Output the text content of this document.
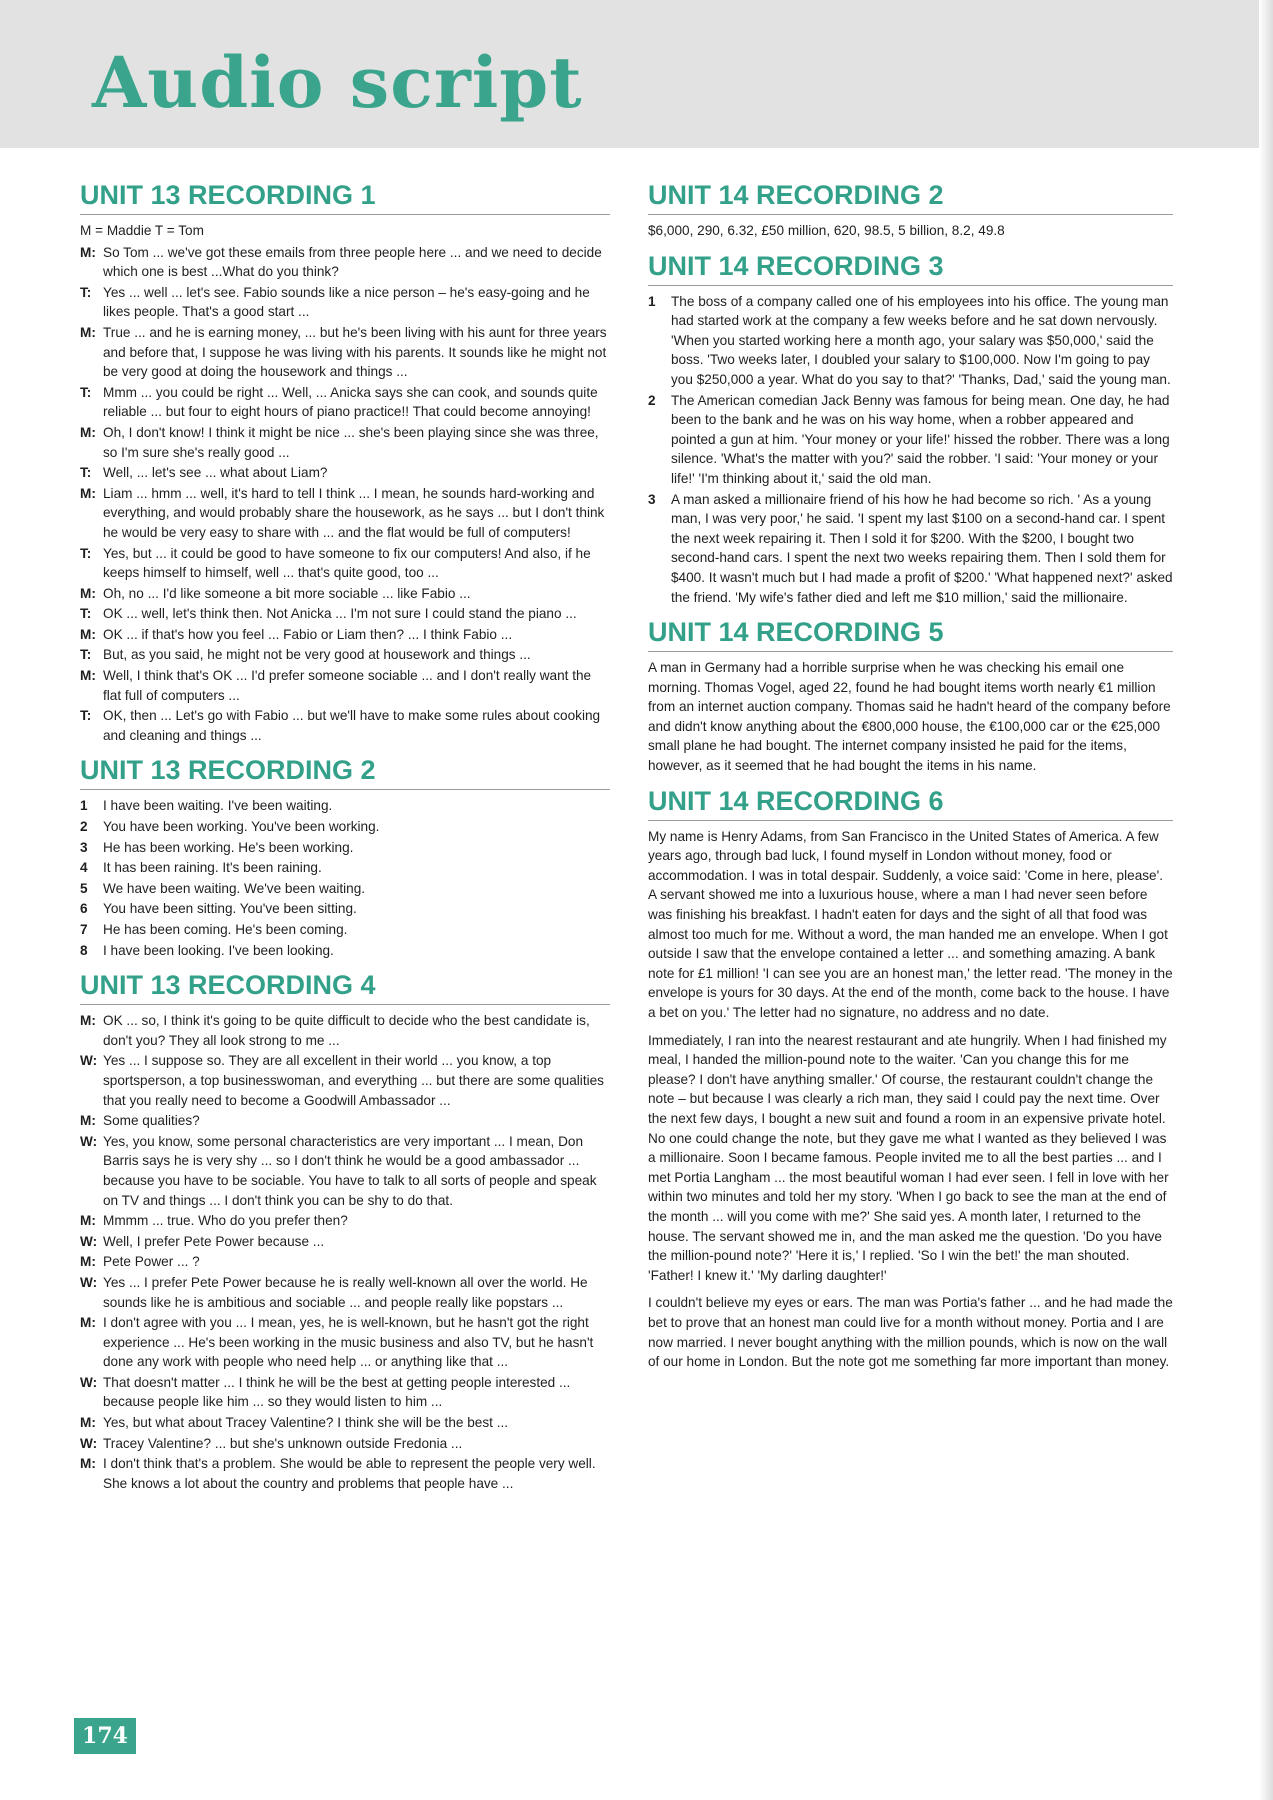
Audio script
UNIT 13 RECORDING 1
M = Maddie T = Tom
M: So Tom ... we've got these emails from three people here ... and we need to decide which one is best ...What do you think?
T: Yes ... well ... let's see. Fabio sounds like a nice person – he's easy-going and he likes people. That's a good start ...
M: True ... and he is earning money, ... but he's been living with his aunt for three years and before that, I suppose he was living with his parents. It sounds like he might not be very good at doing the housework and things ...
T: Mmm ... you could be right ... Well, ... Anicka says she can cook, and sounds quite reliable ... but four to eight hours of piano practice!! That could become annoying!
M: Oh, I don't know! I think it might be nice ... she's been playing since she was three, so I'm sure she's really good ...
T: Well, ... let's see ... what about Liam?
M: Liam ... hmm ... well, it's hard to tell I think ... I mean, he sounds hard-working and everything, and would probably share the housework, as he says ... but I don't think he would be very easy to share with ... and the flat would be full of computers!
T: Yes, but ... it could be good to have someone to fix our computers! And also, if he keeps himself to himself, well ... that's quite good, too ...
M: Oh, no ... I'd like someone a bit more sociable ... like Fabio ...
T: OK ... well, let's think then. Not Anicka ... I'm not sure I could stand the piano ...
M: OK ... if that's how you feel ... Fabio or Liam then? ... I think Fabio ...
T: But, as you said, he might not be very good at housework and things ...
M: Well, I think that's OK ... I'd prefer someone sociable ... and I don't really want the flat full of computers ...
T: OK, then ... Let's go with Fabio ... but we'll have to make some rules about cooking and cleaning and things ...
UNIT 13 RECORDING 2
1 I have been waiting. I've been waiting.
2 You have been working. You've been working.
3 He has been working. He's been working.
4 It has been raining. It's been raining.
5 We have been waiting. We've been waiting.
6 You have been sitting. You've been sitting.
7 He has been coming. He's been coming.
8 I have been looking. I've been looking.
UNIT 13 RECORDING 4
M: OK ... so, I think it's going to be quite difficult to decide who the best candidate is, don't you? They all look strong to me ...
W: Yes ... I suppose so. They are all excellent in their world ... you know, a top sportsperson, a top businesswoman, and everything ... but there are some qualities that you really need to become a Goodwill Ambassador ...
M: Some qualities?
W: Yes, you know, some personal characteristics are very important ... I mean, Don Barris says he is very shy ... so I don't think he would be a good ambassador ... because you have to be sociable. You have to talk to all sorts of people and speak on TV and things ... I don't think you can be shy to do that.
M: Mmmm ... true. Who do you prefer then?
W: Well, I prefer Pete Power because ...
M: Pete Power ... ?
W: Yes ... I prefer Pete Power because he is really well-known all over the world. He sounds like he is ambitious and sociable ... and people really like popstars ...
M: I don't agree with you ... I mean, yes, he is well-known, but he hasn't got the right experience ... He's been working in the music business and also TV, but he hasn't done any work with people who need help ... or anything like that ...
W: That doesn't matter ... I think he will be the best at getting people interested ... because people like him ... so they would listen to him ...
M: Yes, but what about Tracey Valentine? I think she will be the best ...
W: Tracey Valentine? ... but she's unknown outside Fredonia ...
M: I don't think that's a problem. She would be able to represent the people very well. She knows a lot about the country and problems that people have ...
UNIT 14 RECORDING 2
$6,000, 290, 6.32, £50 million, 620, 98.5, 5 billion, 8.2, 49.8
UNIT 14 RECORDING 3
1 The boss of a company called one of his employees into his office. The young man had started work at the company a few weeks before and he sat down nervously. 'When you started working here a month ago, your salary was $50,000,' said the boss. 'Two weeks later, I doubled your salary to $100,000. Now I'm going to pay you $250,000 a year. What do you say to that?' 'Thanks, Dad,' said the young man.
2 The American comedian Jack Benny was famous for being mean. One day, he had been to the bank and he was on his way home, when a robber appeared and pointed a gun at him. 'Your money or your life!' hissed the robber. There was a long silence. 'What's the matter with you?' said the robber. 'I said: 'Your money or your life!' 'I'm thinking about it,' said the old man.
3 A man asked a millionaire friend of his how he had become so rich. ' As a young man, I was very poor,' he said. 'I spent my last $100 on a second-hand car. I spent the next week repairing it. Then I sold it for $200. With the $200, I bought two second-hand cars. I spent the next two weeks repairing them. Then I sold them for $400. It wasn't much but I had made a profit of $200.' 'What happened next?' asked the friend. 'My wife's father died and left me $10 million,' said the millionaire.
UNIT 14 RECORDING 5
A man in Germany had a horrible surprise when he was checking his email one morning. Thomas Vogel, aged 22, found he had bought items worth nearly €1 million from an internet auction company. Thomas said he hadn't heard of the company before and didn't know anything about the €800,000 house, the €100,000 car or the €25,000 small plane he had bought. The internet company insisted he paid for the items, however, as it seemed that he had bought the items in his name.
UNIT 14 RECORDING 6
My name is Henry Adams, from San Francisco in the United States of America. A few years ago, through bad luck, I found myself in London without money, food or accommodation. I was in total despair. Suddenly, a voice said: 'Come in here, please'. A servant showed me into a luxurious house, where a man I had never seen before was finishing his breakfast. I hadn't eaten for days and the sight of all that food was almost too much for me. Without a word, the man handed me an envelope. When I got outside I saw that the envelope contained a letter ... and something amazing. A bank note for £1 million! 'I can see you are an honest man,' the letter read. 'The money in the envelope is yours for 30 days. At the end of the month, come back to the house. I have a bet on you.' The letter had no signature, no address and no date.
Immediately, I ran into the nearest restaurant and ate hungrily. When I had finished my meal, I handed the million-pound note to the waiter. 'Can you change this for me please? I don't have anything smaller.' Of course, the restaurant couldn't change the note – but because I was clearly a rich man, they said I could pay the next time. Over the next few days, I bought a new suit and found a room in an expensive private hotel. No one could change the note, but they gave me what I wanted as they believed I was a millionaire. Soon I became famous. People invited me to all the best parties ... and I met Portia Langham ... the most beautiful woman I had ever seen. I fell in love with her within two minutes and told her my story. 'When I go back to see the man at the end of the month ... will you come with me?' She said yes. A month later, I returned to the house. The servant showed me in, and the man asked me the question. 'Do you have the million-pound note?' 'Here it is,' I replied. 'So I win the bet!' the man shouted. 'Father! I knew it.' 'My darling daughter!'
I couldn't believe my eyes or ears. The man was Portia's father ... and he had made the bet to prove that an honest man could live for a month without money. Portia and I are now married. I never bought anything with the million pounds, which is now on the wall of our home in London. But the note got me something far more important than money.
174
